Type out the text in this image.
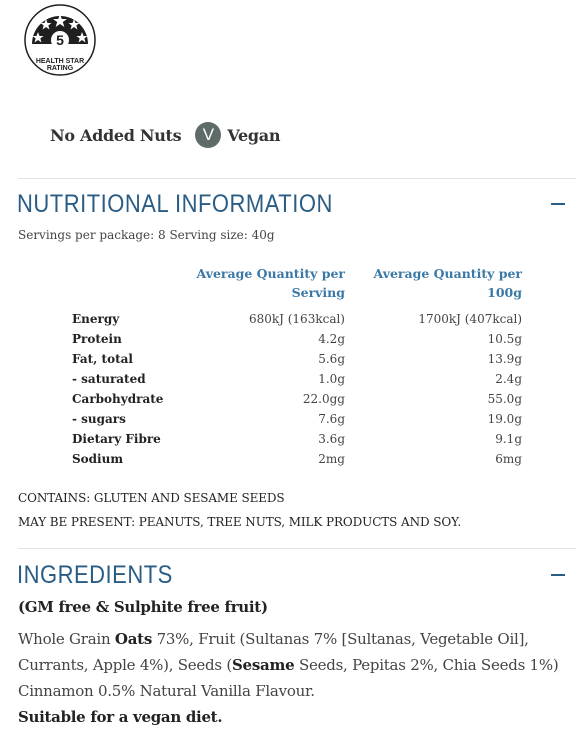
5
HEALTH STAR
RATING
No Added Nuts	V Vegan
NUTRITIONAL INFORMATION
Servings per package: 8 Serving size: 40g
Average Quantity per
Serving
Average Quantity per
100g
Energy	680kJ (163kcal)	1700kJ (407kcal)
Protein	4.2g	10.5g
Fat, total	5.6g	13.9g
- saturated	1.0g	2.4g
Carbohydrate	22.0gg	55.0g
- sugars	7.6g	19.0g
Dietary Fibre	3.6g	9.1g
Sodium	2mg	6mg
CONTAINS: GLUTEN AND SESAME SEEDS
MAY BE PRESENT: PEANUTS, TREE NUTS, MILK PRODUCTS AND SOY.
INGREDIENTS
(GM free & Sulphite free fruit)
Whole Grain Oats 73%, Fruit (Sultanas 7% [Sultanas, Vegetable Oil], Currants, Apple 4%), Seeds (Sesame Seeds, Pepitas 2%, Chia Seeds 1%) Cinnamon 0.5% Natural Vanilla Flavour.
Suitable for a vegan diet.
